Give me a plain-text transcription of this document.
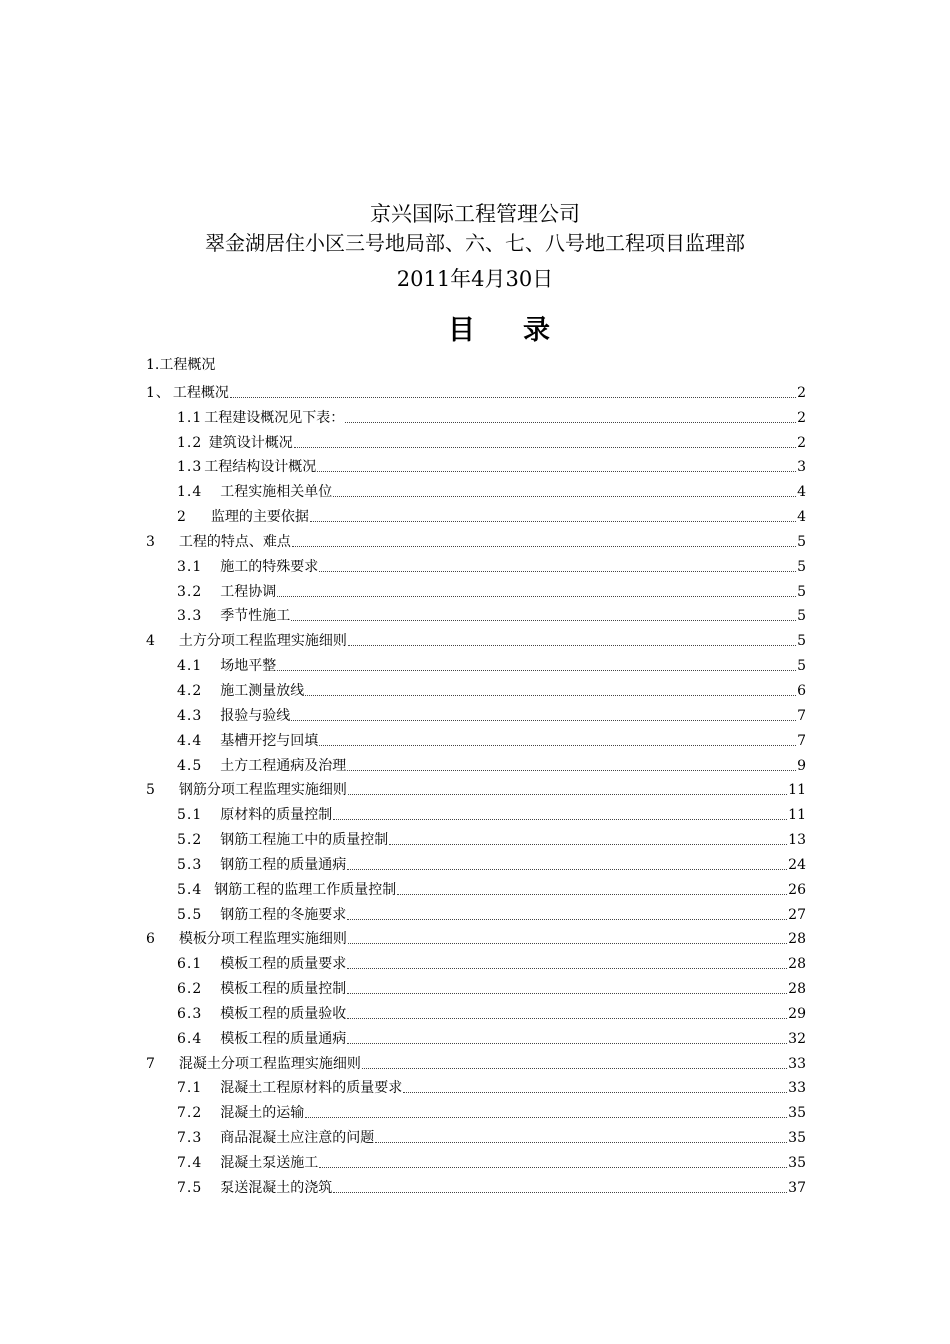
京兴国际工程管理公司
翠金湖居住小区三号地局部、六、七、八号地工程项目监理部
2011年4月30日
目录
1.工程概况
1、 工程概况	2
1.1 工程建设概况见下表：	2
1.2 建筑设计概况	2
1.3 工程结构设计概况	3
1.4 工程实施相关单位	4
2 监理的主要依据	4
3 工程的特点、难点	5
3.1 施工的特殊要求	5
3.2 工程协调	5
3.3 季节性施工	5
4 土方分项工程监理实施细则	5
4.1 场地平整	5
4.2 施工测量放线	6
4.3 报验与验线	7
4.4 基槽开挖与回填	7
4.5 土方工程通病及治理	9
5 钢筋分项工程监理实施细则	11
5.1 原材料的质量控制	11
5.2 钢筋工程施工中的质量控制	13
5.3 钢筋工程的质量通病	24
5.4 钢筋工程的监理工作质量控制	26
5.5 钢筋工程的冬施要求	27
6 模板分项工程监理实施细则	28
6.1 模板工程的质量要求	28
6.2 模板工程的质量控制	28
6.3 模板工程的质量验收	29
6.4 模板工程的质量通病	32
7 混凝土分项工程监理实施细则	33
7.1 混凝土工程原材料的质量要求	33
7.2 混凝土的运输	35
7.3 商品混凝土应注意的问题	35
7.4 混凝土泵送施工	35
7.5 泵送混凝土的浇筑	37
